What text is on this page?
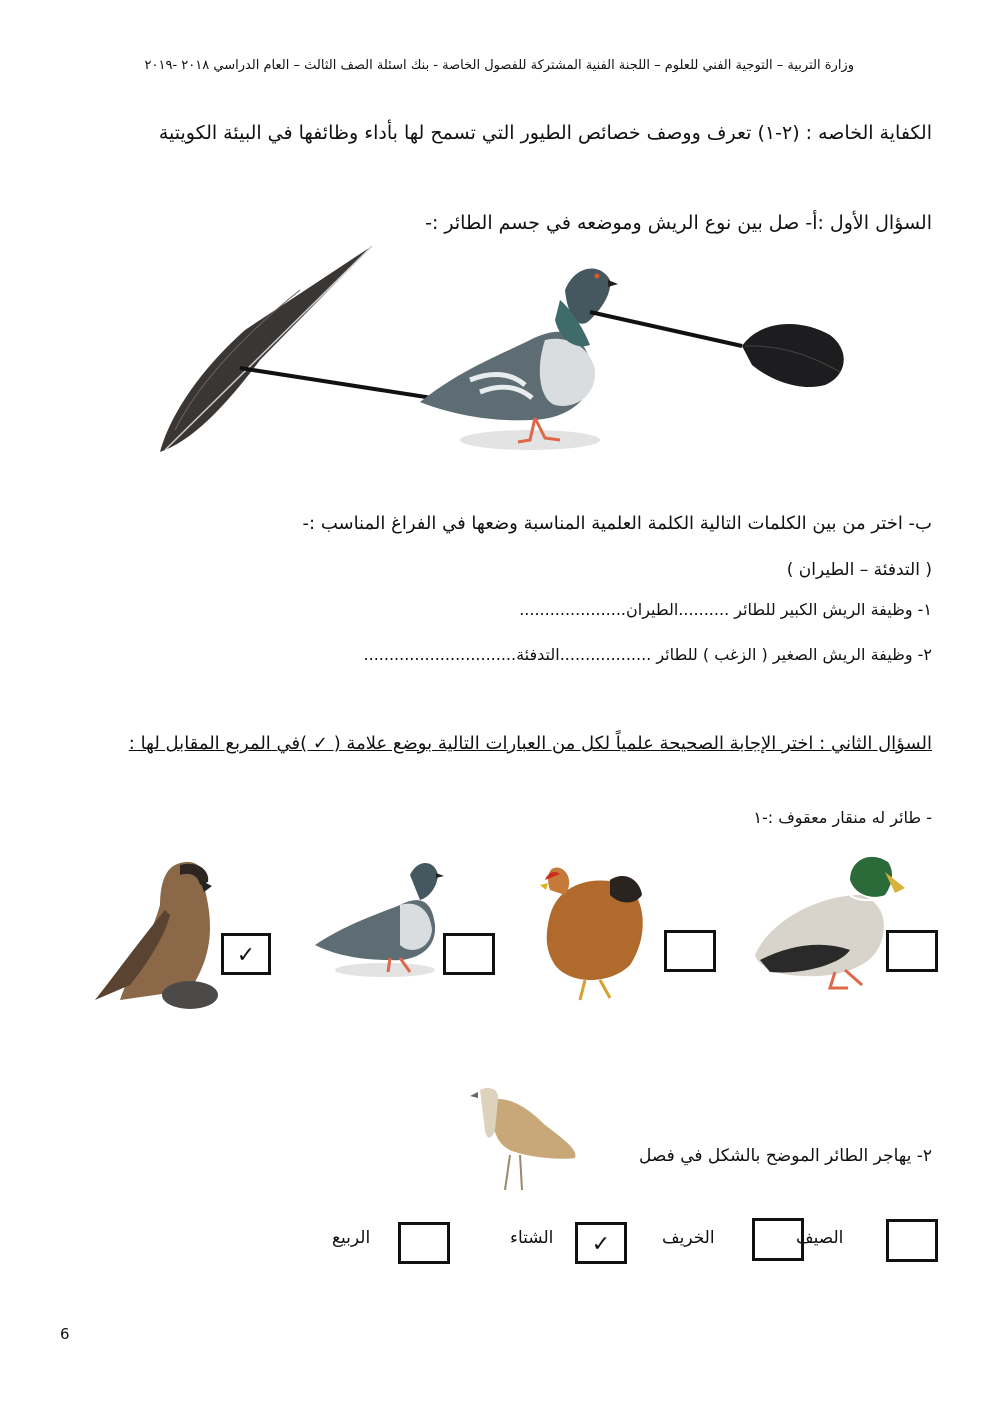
وزارة التربية – التوجية الفني للعلوم – اللجنة الفنية المشتركة للفصول الخاصة - بنك اسئلة الصف الثالث – العام الدراسي ٢٠١٨ -٢٠١٩
الكفاية الخاصه : (٢-١) تعرف ووصف خصائص الطيور التي تسمح لها بأداء وظائفها في البيئة الكويتية
السؤال الأول :أ- صل بين نوع الريش وموضعه في جسم الطائر :-
ب- اختر من بين الكلمات التالية الكلمة العلمية المناسبة وضعها في الفراغ المناسب :-
( التدفئة – الطيران )
١- وظيفة الريش الكبير للطائر ..........الطيران.....................
٢- وظيفة الريش الصغير ( الزغب ) للطائر ..................التدفئة..............................
السؤال الثاني : اختر الإجابة الصحيحة علمياً لكل من العبارات التالية بوضع علامة ( ✓ )في المربع المقابل لها :
- طائر له منقار معقوف :-١
✓
٢- يهاجر الطائر الموضح بالشكل في فصل
الصيف
الخريف
✓
الشتاء
الربيع
6
